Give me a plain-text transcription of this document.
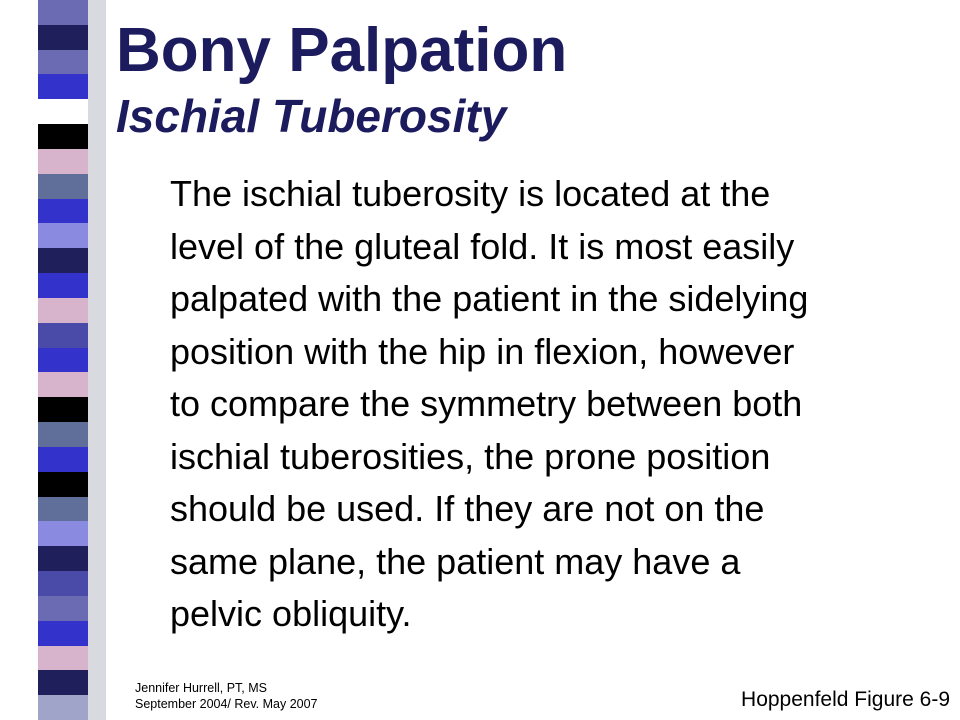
Bony Palpation
Ischial Tuberosity

The ischial tuberosity is located at the
level of the gluteal fold. It is most easily
palpated with the patient in the sidelying
position with the hip in flexion, however
to compare the symmetry between both
ischial tuberosities, the prone position
should be used. If they are not on the
same plane, the patient may have a
pelvic obliquity.

Jennifer Hurrell, PT, MS
September 2004/ Rev. May 2007	Hoppenfeld Figure 6-9
